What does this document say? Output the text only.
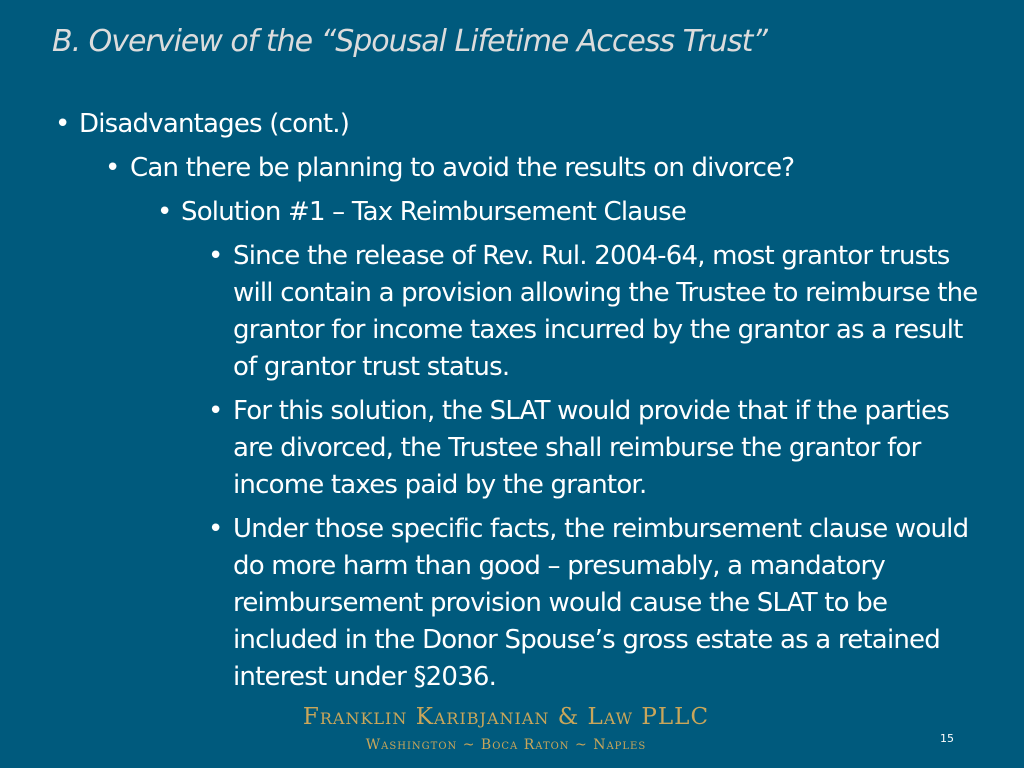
B. Overview of the “Spousal Lifetime Access Trust”
• Disadvantages (cont.)
• Can there be planning to avoid the results on divorce?
• Solution #1 – Tax Reimbursement Clause
• Since the release of Rev. Rul. 2004-64, most grantor trusts will contain a provision allowing the Trustee to reimburse the grantor for income taxes incurred by the grantor as a result of grantor trust status.
• For this solution, the SLAT would provide that if the parties are divorced, the Trustee shall reimburse the grantor for income taxes paid by the grantor.
• Under those specific facts, the reimbursement clause would do more harm than good – presumably, a mandatory reimbursement provision would cause the SLAT to be included in the Donor Spouse’s gross estate as a retained interest under §2036.
Franklin Karibjanian & Law PLLC
Washington ~ Boca Raton ~ Naples	15
